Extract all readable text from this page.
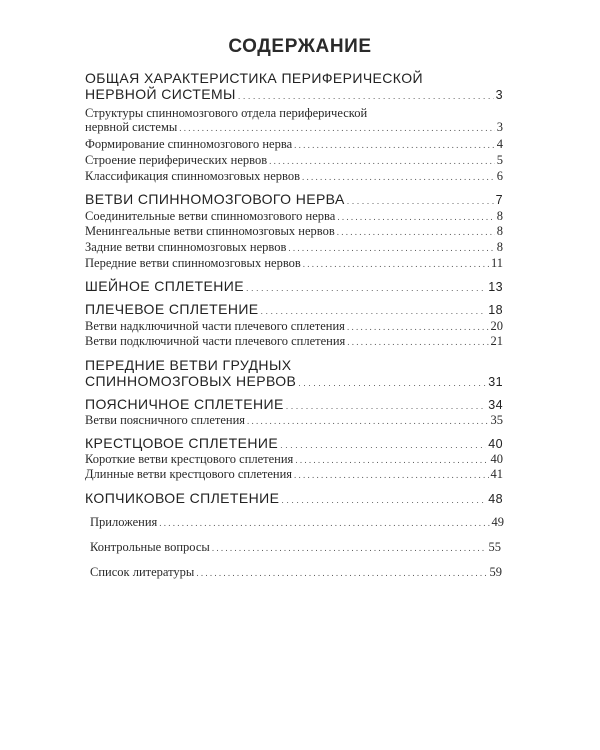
СОДЕРЖАНИЕ
ОБЩАЯ ХАРАКТЕРИСТИКА ПЕРИФЕРИЧЕСКОЙ
НЕРВНОЙ СИСТЕМЫ . . .	3
Структуры спинномозгового отдела периферической
нервной системы . . .	3
Формирование спинномозгового нерва . . .	4
Строение периферических нервов . . .	5
Классификация спинномозговых нервов . . .	6
ВЕТВИ СПИННОМОЗГОВОГО НЕРВА . . .	7
Соединительные ветви спинномозгового нерва . . .	8
Менингеальные ветви спинномозговых нервов . . .	8
Задние ветви спинномозговых нервов . . .	8
Передние ветви спинномозговых нервов . . .	11
ШЕЙНОЕ СПЛЕТЕНИЕ . . .	13
ПЛЕЧЕВОЕ СПЛЕТЕНИЕ . . .	18
Ветви надключичной части плечевого сплетения . . .	20
Ветви подключичной части плечевого сплетения . . .	21
ПЕРЕДНИЕ ВЕТВИ ГРУДНЫХ
СПИННОМОЗГОВЫХ НЕРВОВ . . .	31
ПОЯСНИЧНОЕ СПЛЕТЕНИЕ . . .	34
Ветви поясничного сплетения . . .	35
КРЕСТЦОВОЕ СПЛЕТЕНИЕ . . .	40
Короткие ветви крестцового сплетения . . .	40
Длинные ветви крестцового сплетения . . .	41
КОПЧИКОВОЕ СПЛЕТЕНИЕ . . .	48
Приложения . . .	49
Контрольные вопросы . . .	55
Список литературы . . .	59
